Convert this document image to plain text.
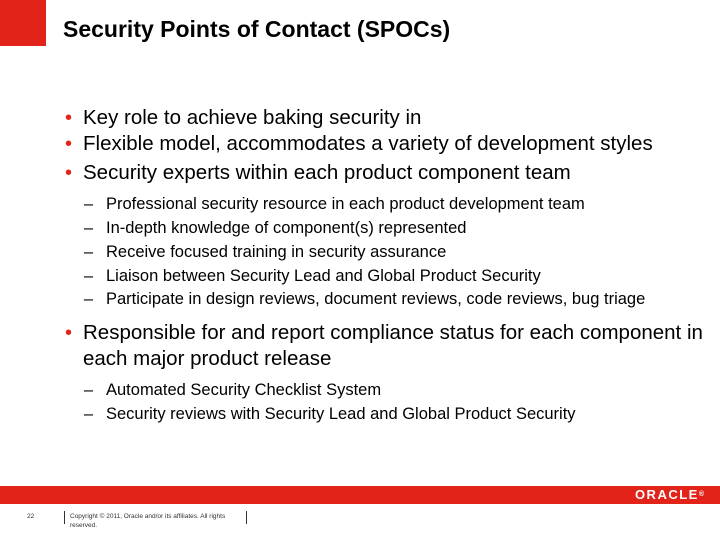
Security Points of Contact (SPOCs)
• Key role to achieve baking security in
• Flexible model, accommodates a variety of development styles
• Security experts within each product component team
– Professional security resource in each product development team
– In-depth knowledge of component(s) represented
– Receive focused training in security assurance
– Liaison between Security Lead and Global Product Security
– Participate in design reviews, document reviews, code reviews, bug triage
• Responsible for and report compliance status for each component in each major product release
– Automated Security Checklist System
– Security reviews with Security Lead and Global Product Security
ORACLE®
22	Copyright © 2011, Oracle and/or its affiliates. All rights reserved.
